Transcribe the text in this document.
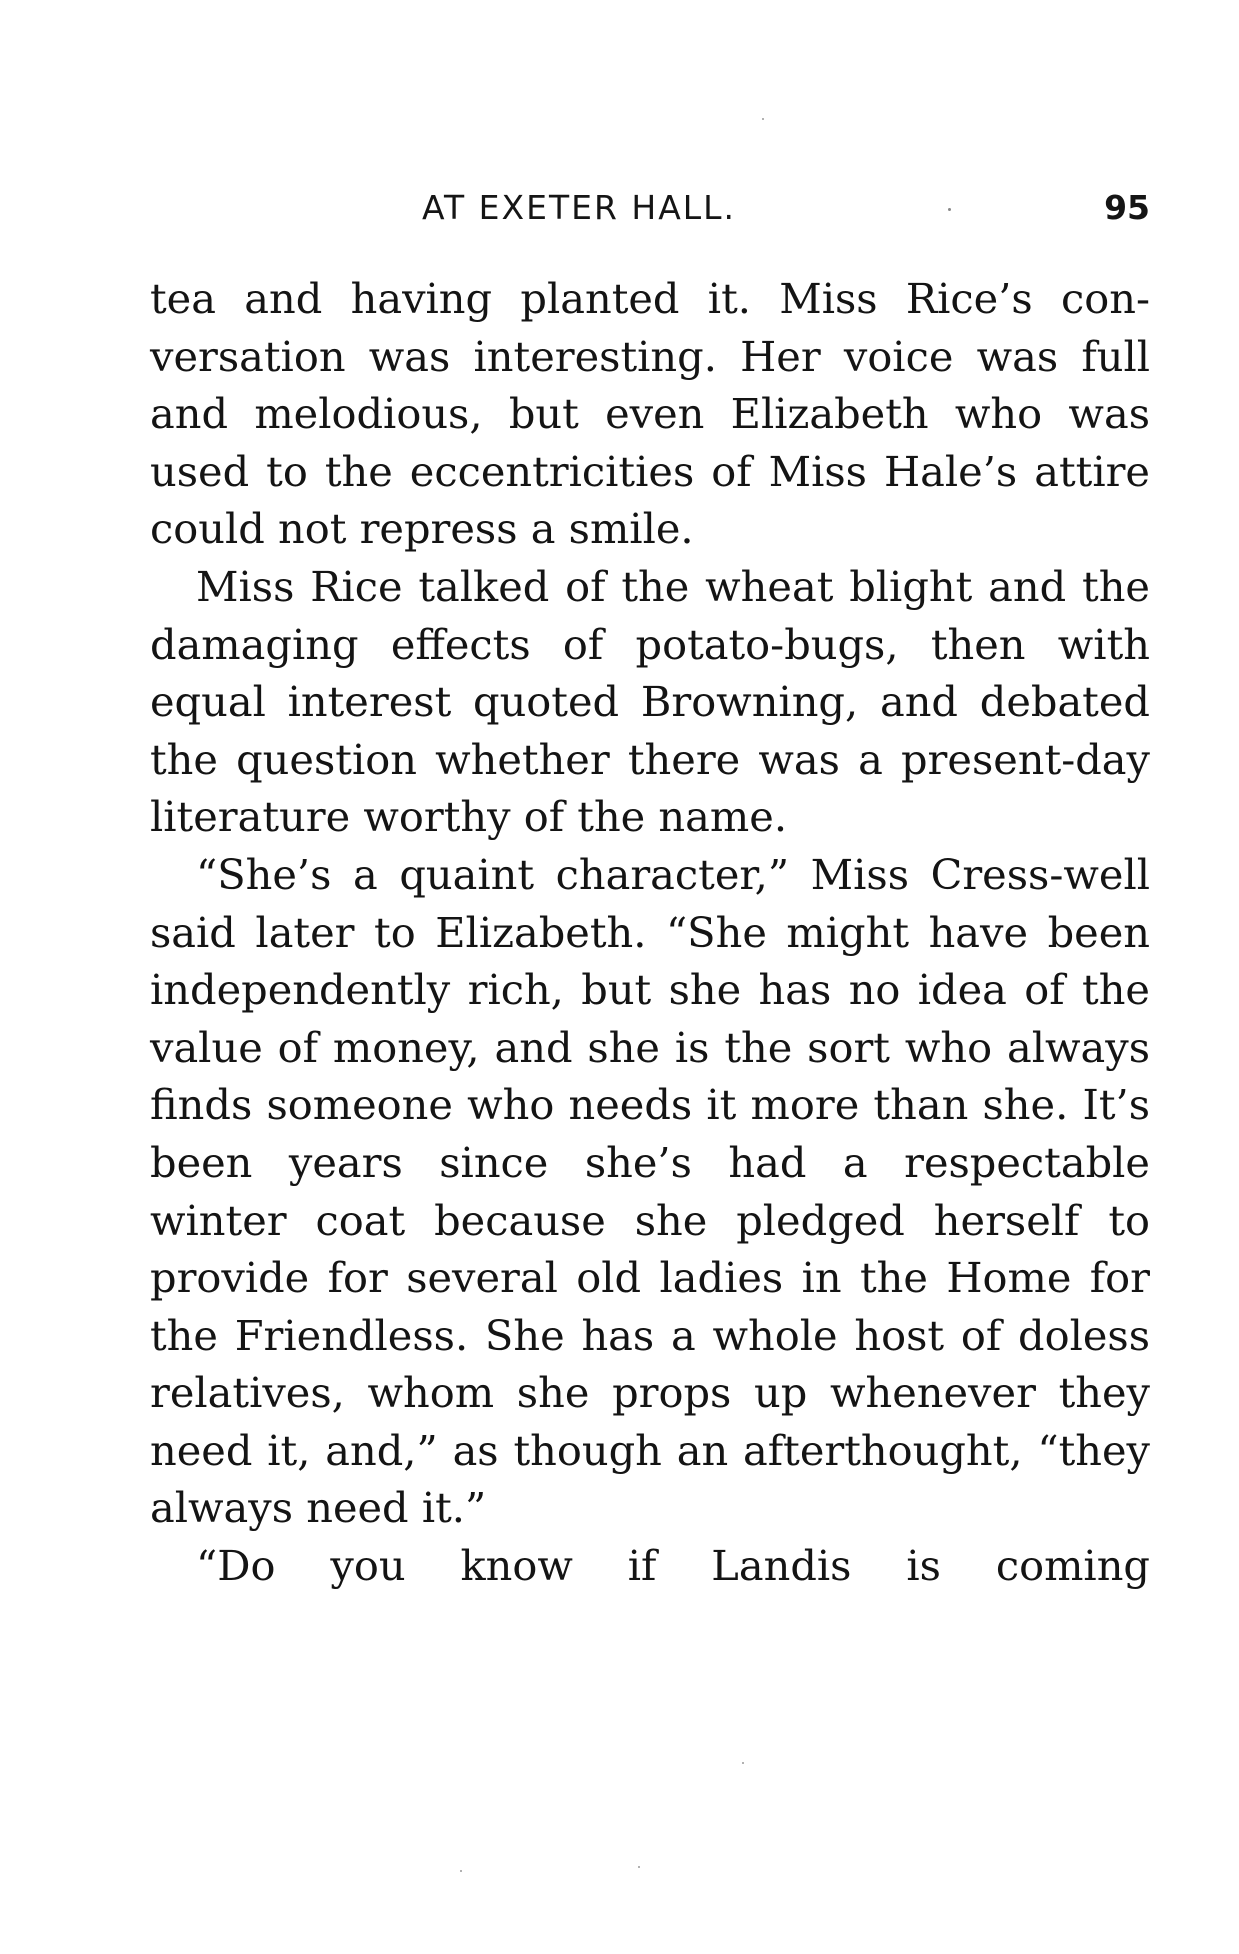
AT EXETER HALL.	95

tea and having planted it. Miss Rice’s con-versation was interesting. Her voice was full and melodious, but even Elizabeth who was used to the eccentricities of Miss Hale’s attire could not repress a smile.

Miss Rice talked of the wheat blight and the damaging effects of potato-bugs, then with equal interest quoted Browning, and debated the question whether there was a present-day literature worthy of the name.

“She’s a quaint character,” Miss Cress-well said later to Elizabeth. “She might have been independently rich, but she has no idea of the value of money, and she is the sort who always finds someone who needs it more than she. It’s been years since she’s had a respectable winter coat because she pledged herself to provide for several old ladies in the Home for the Friendless. She has a whole host of doless relatives, whom she props up whenever they need it, and,” as though an afterthought, “they always need it.”

“Do you know if Landis is coming
